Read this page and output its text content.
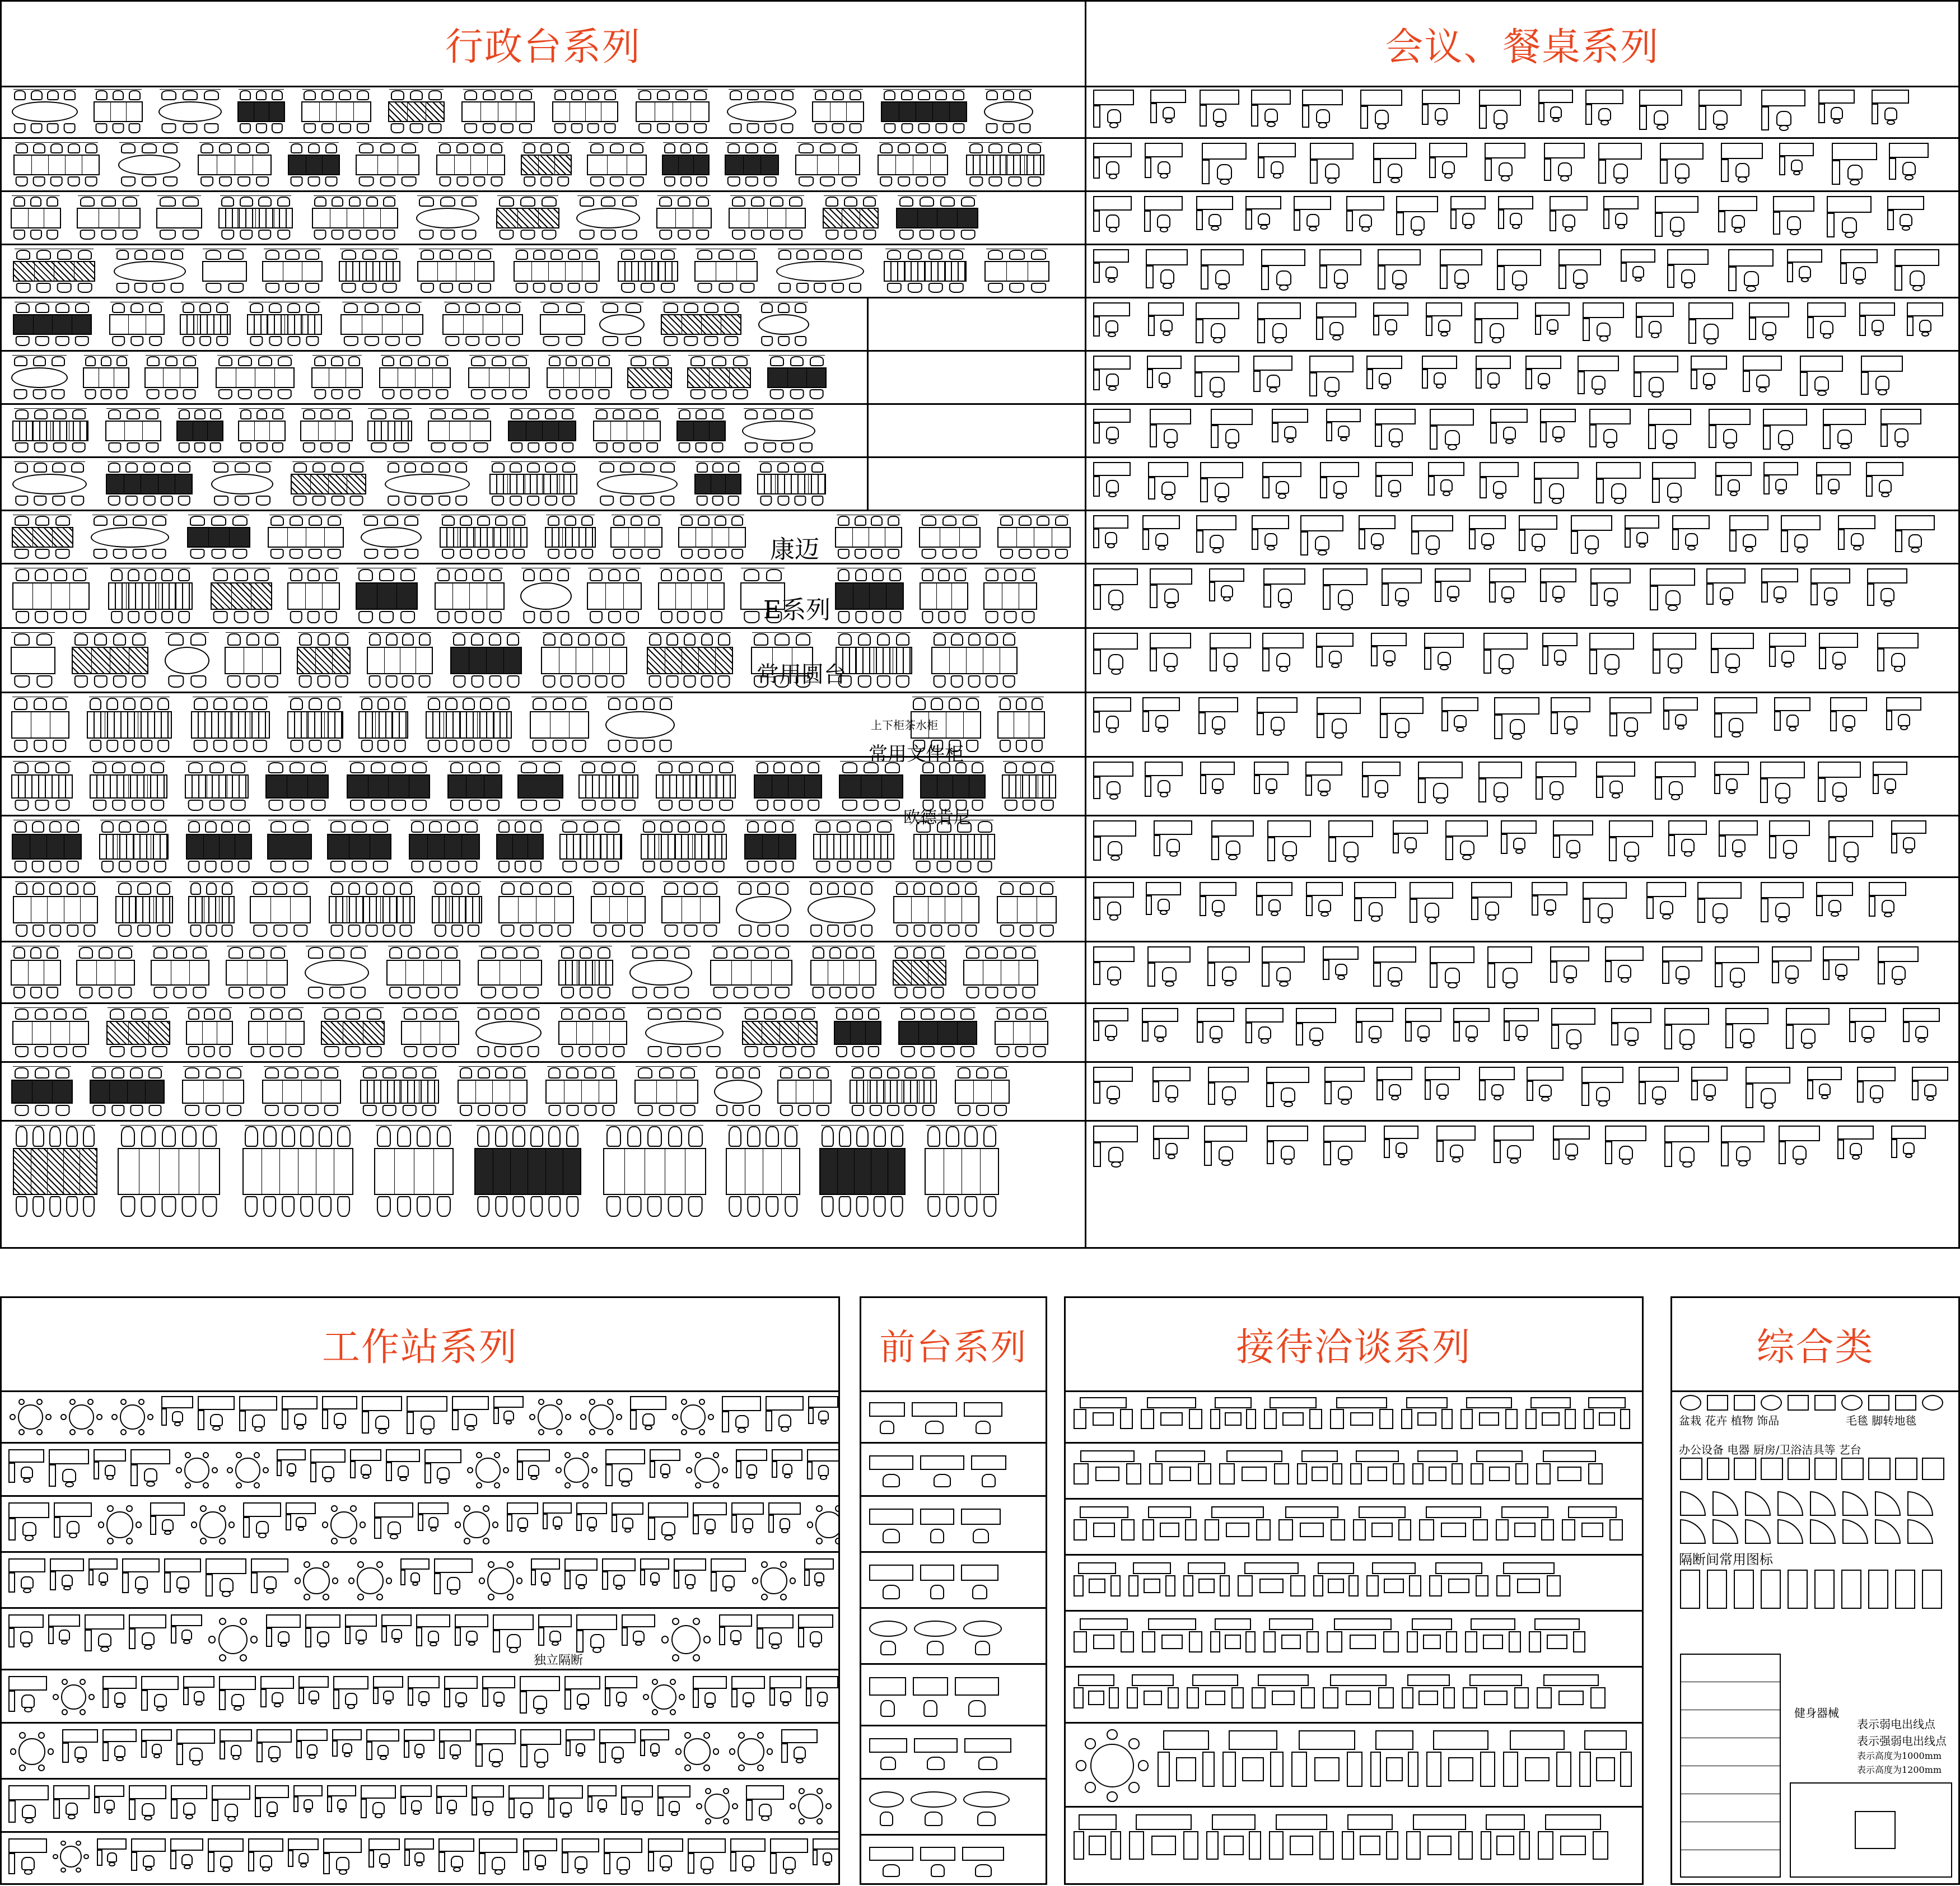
行政台系列
康迈
E系列
常用圆台
常用文件柜
上下柜茶水柜
欧德肯尼
会议、餐桌系列
工作站系列
独立隔断
前台系列	接待洽谈系列	综合类
盆栽 花卉 植物 饰品	毛毯 脚转地毯
办公设备 电器 厨房/卫浴洁具等 艺台
隔断间常用图标
健身器械
表示弱电出线点
表示强弱电出线点
表示高度为1000mm
表示高度为1200mm
